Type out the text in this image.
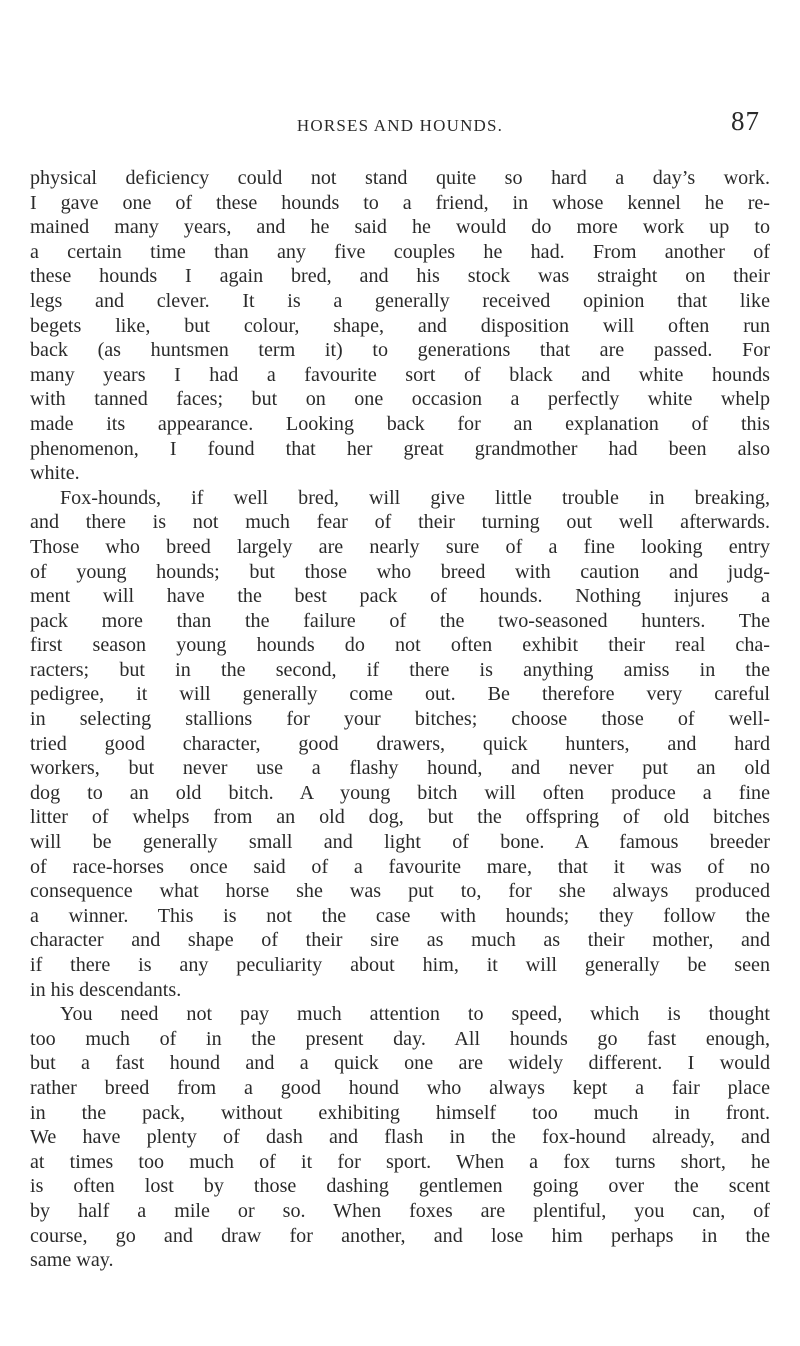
HORSES AND HOUNDS.	87
physical deficiency could not stand quite so hard a day’s work.
I gave one of these hounds to a friend, in whose kennel he re-
mained many years, and he said he would do more work up to
a certain time than any five couples he had. From another of
these hounds I again bred, and his stock was straight on their
legs and clever. It is a generally received opinion that like
begets like, but colour, shape, and disposition will often run
back (as huntsmen term it) to generations that are passed. For
many years I had a favourite sort of black and white hounds
with tanned faces; but on one occasion a perfectly white whelp
made its appearance. Looking back for an explanation of this
phenomenon, I found that her great grandmother had been also
white.
Fox-hounds, if well bred, will give little trouble in breaking,
and there is not much fear of their turning out well afterwards.
Those who breed largely are nearly sure of a fine looking entry
of young hounds; but those who breed with caution and judg-
ment will have the best pack of hounds. Nothing injures a
pack more than the failure of the two-seasoned hunters. The
first season young hounds do not often exhibit their real cha-
racters; but in the second, if there is anything amiss in the
pedigree, it will generally come out. Be therefore very careful
in selecting stallions for your bitches; choose those of well-
tried good character, good drawers, quick hunters, and hard
workers, but never use a flashy hound, and never put an old
dog to an old bitch. A young bitch will often produce a fine
litter of whelps from an old dog, but the offspring of old bitches
will be generally small and light of bone. A famous breeder
of race-horses once said of a favourite mare, that it was of no
consequence what horse she was put to, for she always produced
a winner. This is not the case with hounds; they follow the
character and shape of their sire as much as their mother, and
if there is any peculiarity about him, it will generally be seen
in his descendants.
You need not pay much attention to speed, which is thought
too much of in the present day. All hounds go fast enough,
but a fast hound and a quick one are widely different. I would
rather breed from a good hound who always kept a fair place
in the pack, without exhibiting himself too much in front.
We have plenty of dash and flash in the fox-hound already, and
at times too much of it for sport. When a fox turns short, he
is often lost by those dashing gentlemen going over the scent
by half a mile or so. When foxes are plentiful, you can, of
course, go and draw for another, and lose him perhaps in the
same way.
